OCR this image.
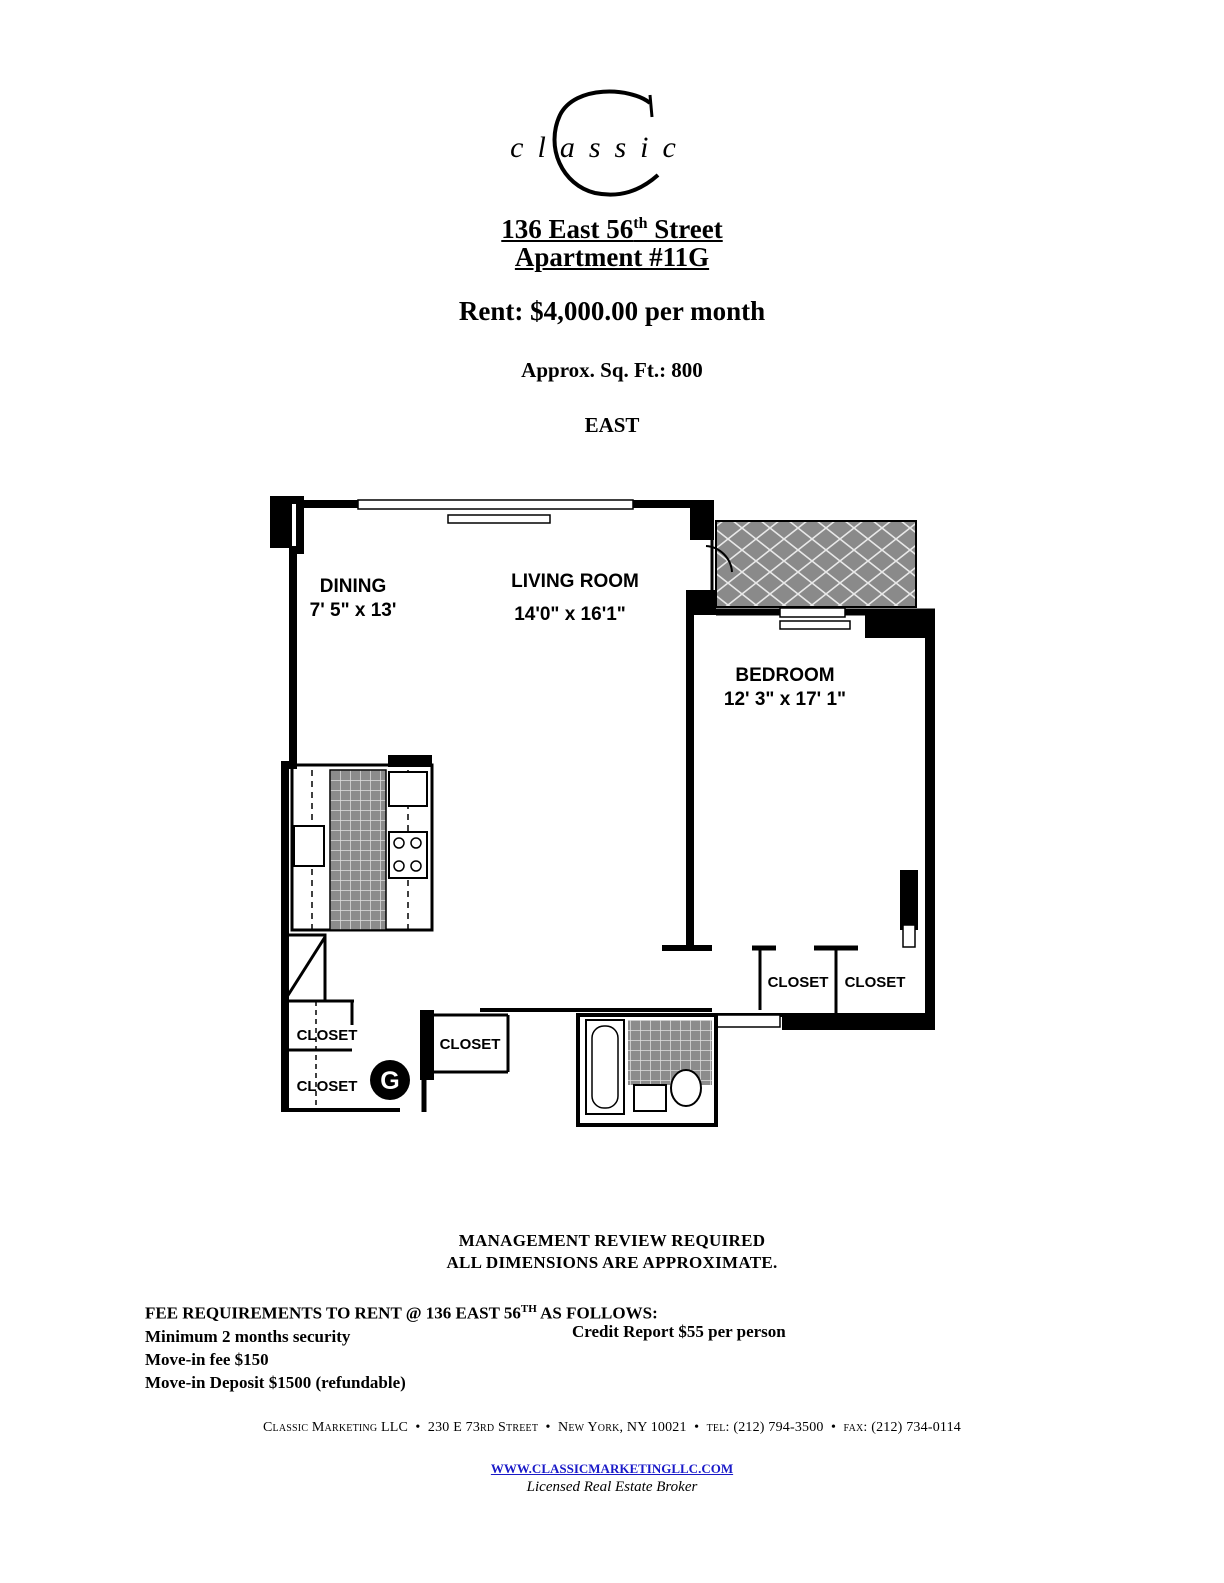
classic
136 East 56th Street
Apartment #11G
Rent: $4,000.00 per month
Approx. Sq. Ft.: 800
EAST
G
DINING
7' 5" x 13'
LIVING ROOM
14'0" x 16'1"
BEDROOM
12' 3" x 17' 1"
CLOSET CLOSET
CLOSET
CLOSET
CLOSET
MANAGEMENT REVIEW REQUIRED
ALL DIMENSIONS ARE APPROXIMATE.
FEE REQUIREMENTS TO RENT @ 136 EAST 56TH AS FOLLOWS:
Minimum 2 months security
Move-in fee $150
Move-in Deposit $1500 (refundable)
Credit Report $55 per person
Classic Marketing LLC  •  230 E 73rd Street  •  New York, NY 10021  •  tel: (212) 794-3500  •  fax: (212) 734-0114
WWW.CLASSICMARKETINGLLC.COM
Licensed Real Estate Broker
